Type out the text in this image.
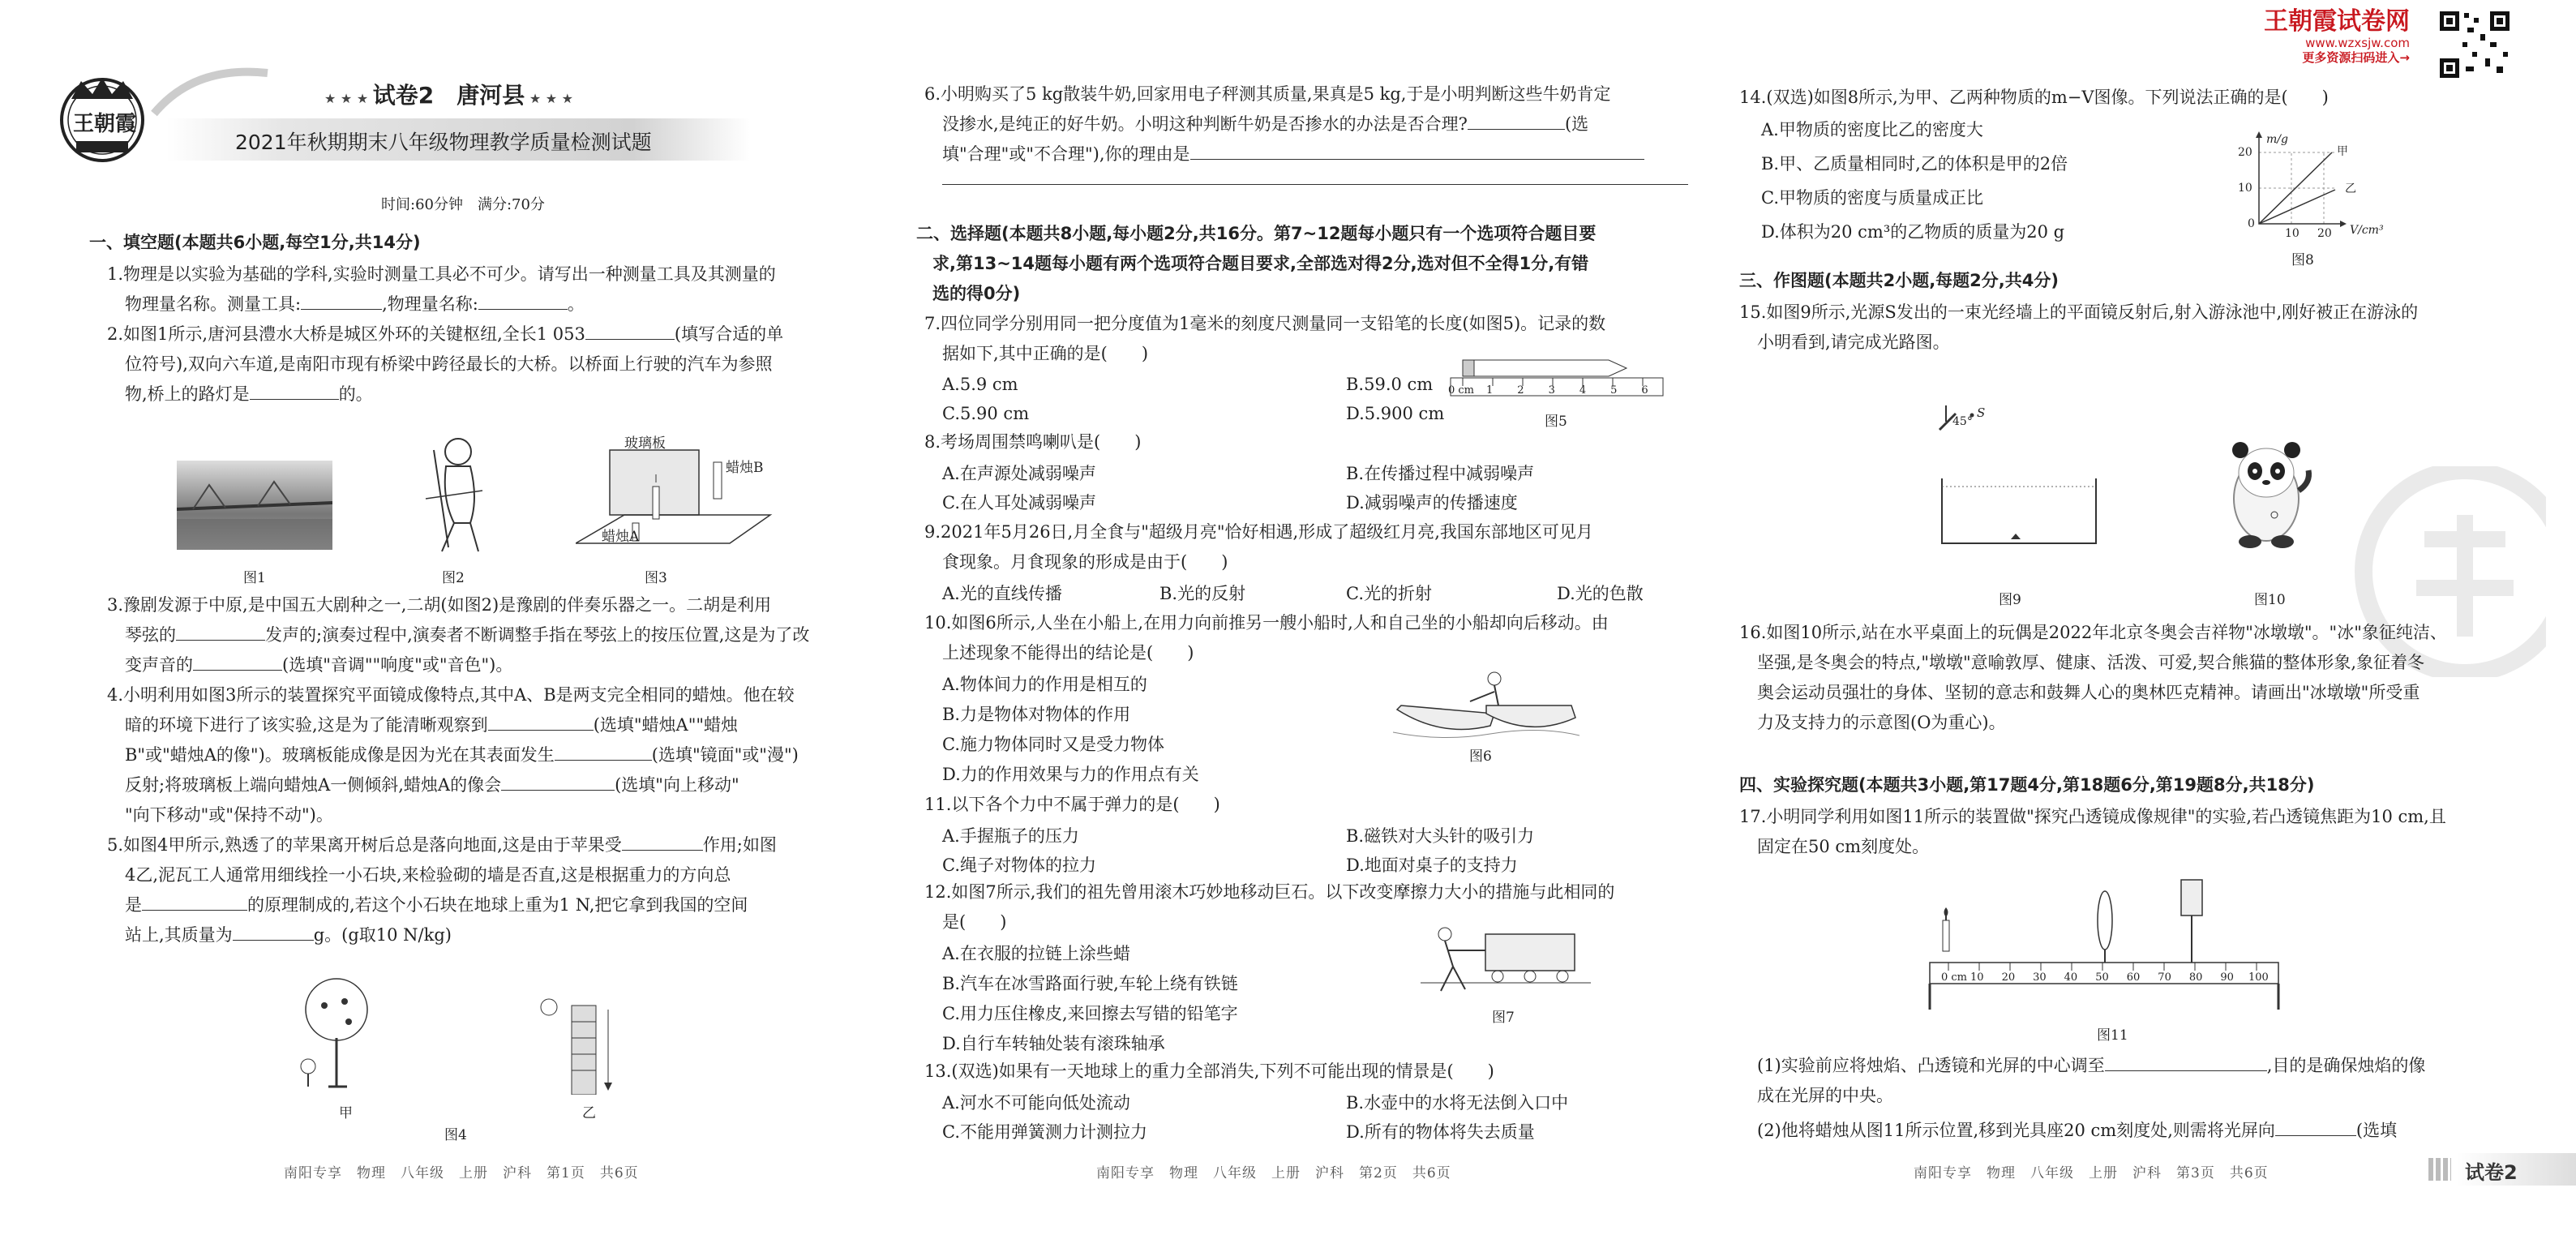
王朝霞
★ ★ ★ 试卷2　 唐河县 ★ ★ ★
2021年秋期期末八年级物理教学质量检测试题
时间:60分钟　满分:70分
一、填空题(本题共6小题,每空1分,共14分)
1.物理是以实验为基础的学科,实验时测量工具必不可少。请写出一种测量工具及其测量的
物理量名称。测量工具:	,物理量名称:	。
2.如图1所示,唐河县澧水大桥是城区外环的关键枢纽,全长1 053	(填写合适的单
位符号),双向六车道,是南阳市现有桥梁中跨径最长的大桥。以桥面上行驶的汽车为参照
物,桥上的路灯是	的。
图1	图2
玻璃板
蜡烛B
蜡烛A
图3
3.豫剧发源于中原,是中国五大剧种之一,二胡(如图2)是豫剧的伴奏乐器之一。二胡是利用
琴弦的	发声的;演奏过程中,演奏者不断调整手指在琴弦上的按压位置,这是为了改
变声音的	(选填"音调""响度"或"音色")。
4.小明利用如图3所示的装置探究平面镜成像特点,其中A、B是两支完全相同的蜡烛。他在较
暗的环境下进行了该实验,这是为了能清晰观察到	(选填"蜡烛A""蜡烛
B"或"蜡烛A的像")。玻璃板能成像是因为光在其表面发生	(选填"镜面"或"漫")
反射;将玻璃板上端向蜡烛A一侧倾斜,蜡烛A的像会	(选填"向上移动"
"向下移动"或"保持不动")。
5.如图4甲所示,熟透了的苹果离开树后总是落向地面,这是由于苹果受	作用;如图
4乙,泥瓦工人通常用细线拴一小石块,来检验砌的墙是否直,这是根据重力的方向总
是	的原理制成的,若这个小石块在地球上重为1 N,把它拿到我国的空间
站上,其质量为	g。(g取10 N/kg)
甲	乙
图4
南阳专享　物理　八年级　上册　沪科　第1页　共6页
6.小明购买了5 kg散装牛奶,回家用电子秤测其质量,果真是5 kg,于是小明判断这些牛奶肯定
没掺水,是纯正的好牛奶。小明这种判断牛奶是否掺水的办法是否合理?	(选
填"合理"或"不合理"),你的理由是
二、选择题(本题共8小题,每小题2分,共16分。第7~12题每小题只有一个选项符合题目要
求,第13~14题每小题有两个选项符合题目要求,全部选对得2分,选对但不全得1分,有错
选的得0分)
7.四位同学分别用同一把分度值为1毫米的刻度尺测量同一支铅笔的长度(如图5)。记录的数
据如下,其中正确的是(　　)
A.5.9 cm	B.59.0 cm
C.5.90 cm	D.5.900 cm
0 cm 1 2 3 4 5 6
图5
8.考场周围禁鸣喇叭是(　　)
A.在声源处减弱噪声	B.在传播过程中减弱噪声
C.在人耳处减弱噪声	D.减弱噪声的传播速度
9.2021年5月26日,月全食与"超级月亮"恰好相遇,形成了超级红月亮,我国东部地区可见月
食现象。月食现象的形成是由于(　　)
A.光的直线传播	B.光的反射	C.光的折射	D.光的色散
10.如图6所示,人坐在小船上,在用力向前推另一艘小船时,人和自己坐的小船却向后移动。由
上述现象不能得出的结论是(　　)
A.物体间力的作用是相互的
B.力是物体对物体的作用
C.施力物体同时又是受力物体
D.力的作用效果与力的作用点有关
图6
11.以下各个力中不属于弹力的是(　　)
A.手握瓶子的压力	B.磁铁对大头针的吸引力
C.绳子对物体的拉力	D.地面对桌子的支持力
12.如图7所示,我们的祖先曾用滚木巧妙地移动巨石。以下改变摩擦力大小的措施与此相同的
是(　　)
A.在衣服的拉链上涂些蜡
B.汽车在冰雪路面行驶,车轮上绕有铁链
C.用力压住橡皮,来回擦去写错的铅笔字
D.自行车转轴处装有滚珠轴承
图7
13.(双选)如果有一天地球上的重力全部消失,下列不可能出现的情景是(　　)
A.河水不可能向低处流动	B.水壶中的水将无法倒入口中
C.不能用弹簧测力计测拉力	D.所有的物体将失去质量
南阳专享　物理　八年级　上册　沪科　第2页　共6页
王朝霞试卷网
www.wzxsjw.com
更多资源扫码进入→
14.(双选)如图8所示,为甲、乙两种物质的m−V图像。下列说法正确的是(　　)
A.甲物质的密度比乙的密度大
B.甲、乙质量相同时,乙的体积是甲的2倍
C.甲物质的密度与质量成正比
D.体积为20 cm³的乙物质的质量为20 g
m/g
20
10
0
10 20 V/cm³
甲
乙
图8
三、作图题(本题共2小题,每题2分,共4分)
15.如图9所示,光源S发出的一束光经墙上的平面镜反射后,射入游泳池中,刚好被正在游泳的
小明看到,请完成光路图。
45°
S
图9	图10
16.如图10所示,站在水平桌面上的玩偶是2022年北京冬奥会吉祥物"冰墩墩"。"冰"象征纯洁、
坚强,是冬奥会的特点,"墩墩"意喻敦厚、健康、活泼、可爱,契合熊猫的整体形象,象征着冬
奥会运动员强壮的身体、坚韧的意志和鼓舞人心的奥林匹克精神。请画出"冰墩墩"所受重
力及支持力的示意图(O为重心)。
四、实验探究题(本题共3小题,第17题4分,第18题6分,第19题8分,共18分)
17.小明同学利用如图11所示的装置做"探究凸透镜成像规律"的实验,若凸透镜焦距为10 cm,且
固定在50 cm刻度处。
0 cm 10 20 30 40 50 60 70 80 90 100
图11
(1)实验前应将烛焰、凸透镜和光屏的中心调至	,目的是确保烛焰的像
成在光屏的中央。
(2)他将蜡烛从图11所示位置,移到光具座20 cm刻度处,则需将光屏向	(选填
南阳专享　物理　八年级　上册　沪科　第3页　共6页	试卷2
